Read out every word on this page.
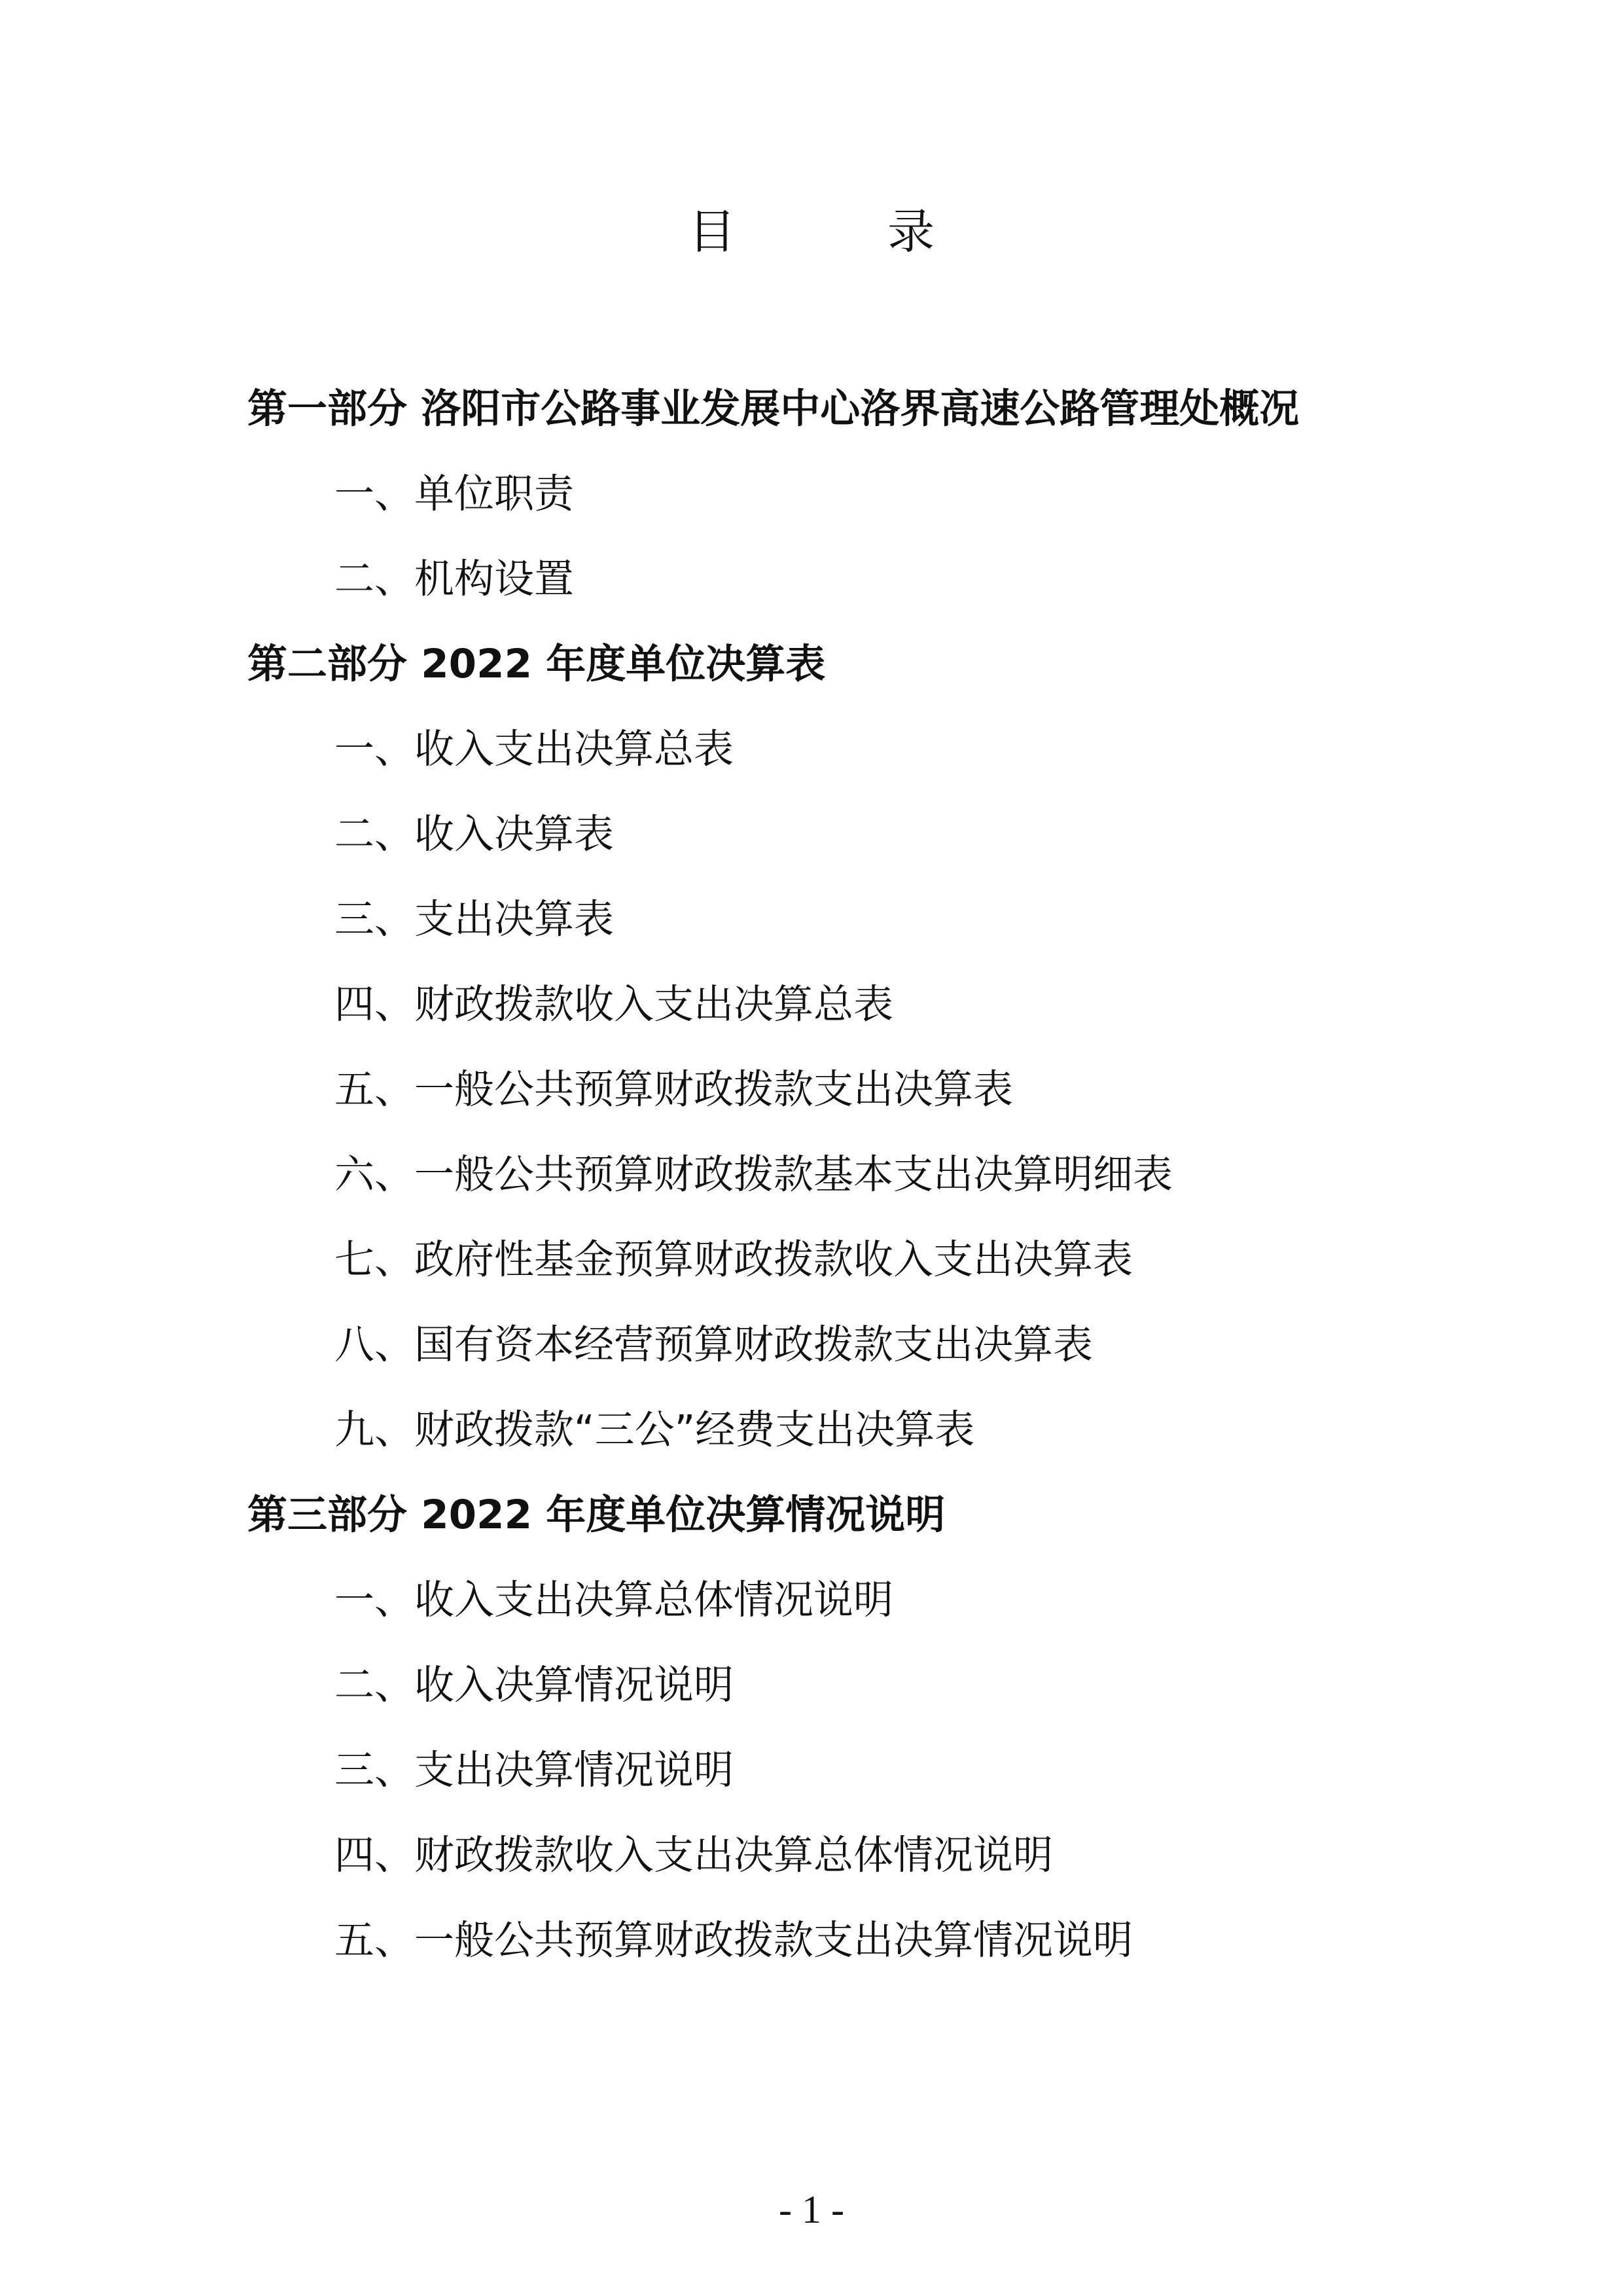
目　录
第一部分 洛阳市公路事业发展中心洛界高速公路管理处概况
一、单位职责
二、机构设置
第二部分 2022 年度单位决算表
一、收入支出决算总表
二、收入决算表
三、支出决算表
四、财政拨款收入支出决算总表
五、一般公共预算财政拨款支出决算表
六、一般公共预算财政拨款基本支出决算明细表
七、政府性基金预算财政拨款收入支出决算表
八、国有资本经营预算财政拨款支出决算表
九、财政拨款“三公”经费支出决算表
第三部分 2022 年度单位决算情况说明
一、收入支出决算总体情况说明
二、收入决算情况说明
三、支出决算情况说明
四、财政拨款收入支出决算总体情况说明
五、一般公共预算财政拨款支出决算情况说明
- 1 -
